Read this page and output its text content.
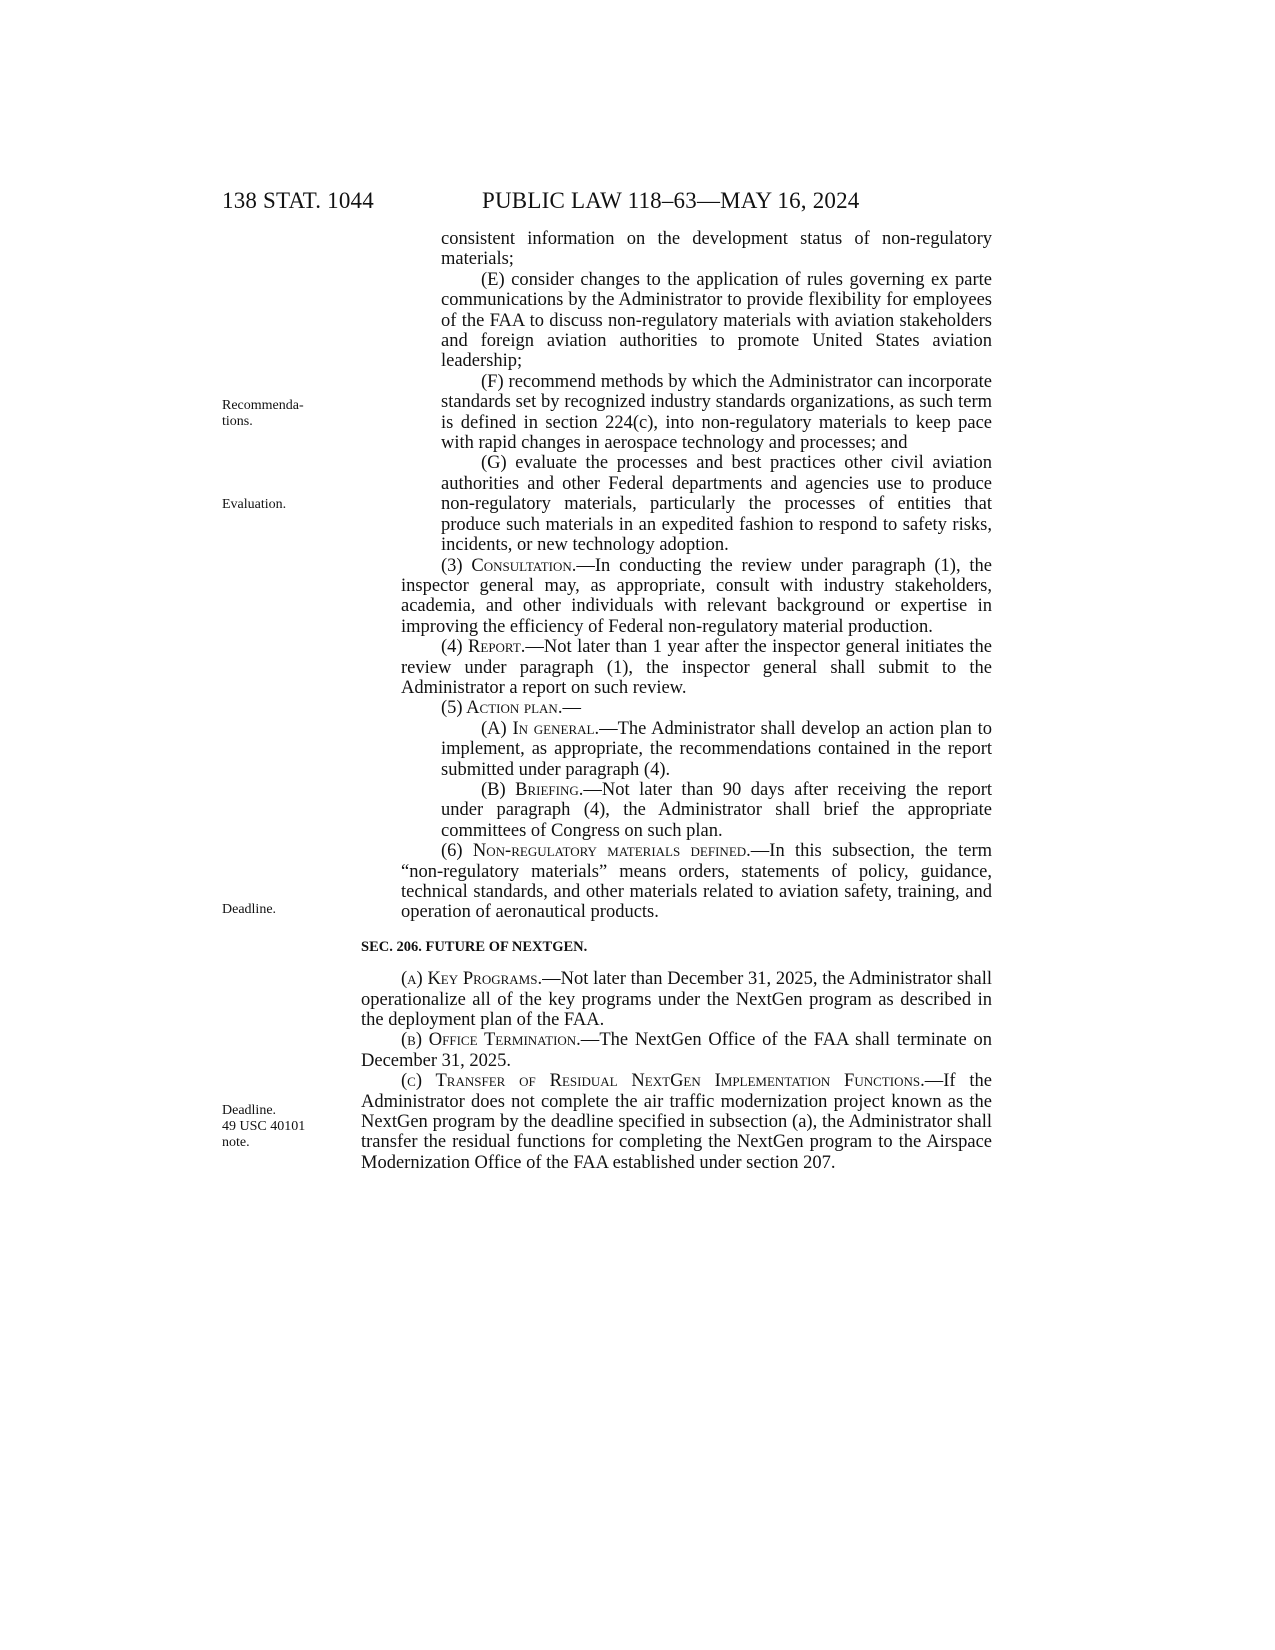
138 STAT. 1044	PUBLIC LAW 118–63—MAY 16, 2024
Recommenda-
tions.
Evaluation.
Deadline.
Deadline.
49 USC 40101
note.

consistent information on the development status of non-regulatory materials;

(E) consider changes to the application of rules governing ex parte communications by the Administrator to provide flexibility for employees of the FAA to discuss non-regulatory materials with aviation stakeholders and foreign aviation authorities to promote United States aviation leadership;

(F) recommend methods by which the Administrator can incorporate standards set by recognized industry standards organizations, as such term is defined in section 224(c), into non-regulatory materials to keep pace with rapid changes in aerospace technology and processes; and

(G) evaluate the processes and best practices other civil aviation authorities and other Federal departments and agencies use to produce non-regulatory materials, particularly the processes of entities that produce such materials in an expedited fashion to respond to safety risks, incidents, or new technology adoption.

(3) Consultation.—In conducting the review under paragraph (1), the inspector general may, as appropriate, consult with industry stakeholders, academia, and other individuals with relevant background or expertise in improving the efficiency of Federal non-regulatory material production.

(4) Report.—Not later than 1 year after the inspector general initiates the review under paragraph (1), the inspector general shall submit to the Administrator a report on such review.

(5) Action plan.—

(A) In general.—The Administrator shall develop an action plan to implement, as appropriate, the recommendations contained in the report submitted under paragraph (4).

(B) Briefing.—Not later than 90 days after receiving the report under paragraph (4), the Administrator shall brief the appropriate committees of Congress on such plan.

(6) Non-regulatory materials defined.—In this subsection, the term “non-regulatory materials” means orders, statements of policy, guidance, technical standards, and other materials related to aviation safety, training, and operation of aeronautical products.

SEC. 206. FUTURE OF NEXTGEN.

(a) Key Programs.—Not later than December 31, 2025, the Administrator shall operationalize all of the key programs under the NextGen program as described in the deployment plan of the FAA.

(b) Office Termination.—The NextGen Office of the FAA shall terminate on December 31, 2025.

(c) Transfer of Residual NextGen Implementation Functions.—If the Administrator does not complete the air traffic modernization project known as the NextGen program by the deadline specified in subsection (a), the Administrator shall transfer the residual functions for completing the NextGen program to the Airspace Modernization Office of the FAA established under section 207.
